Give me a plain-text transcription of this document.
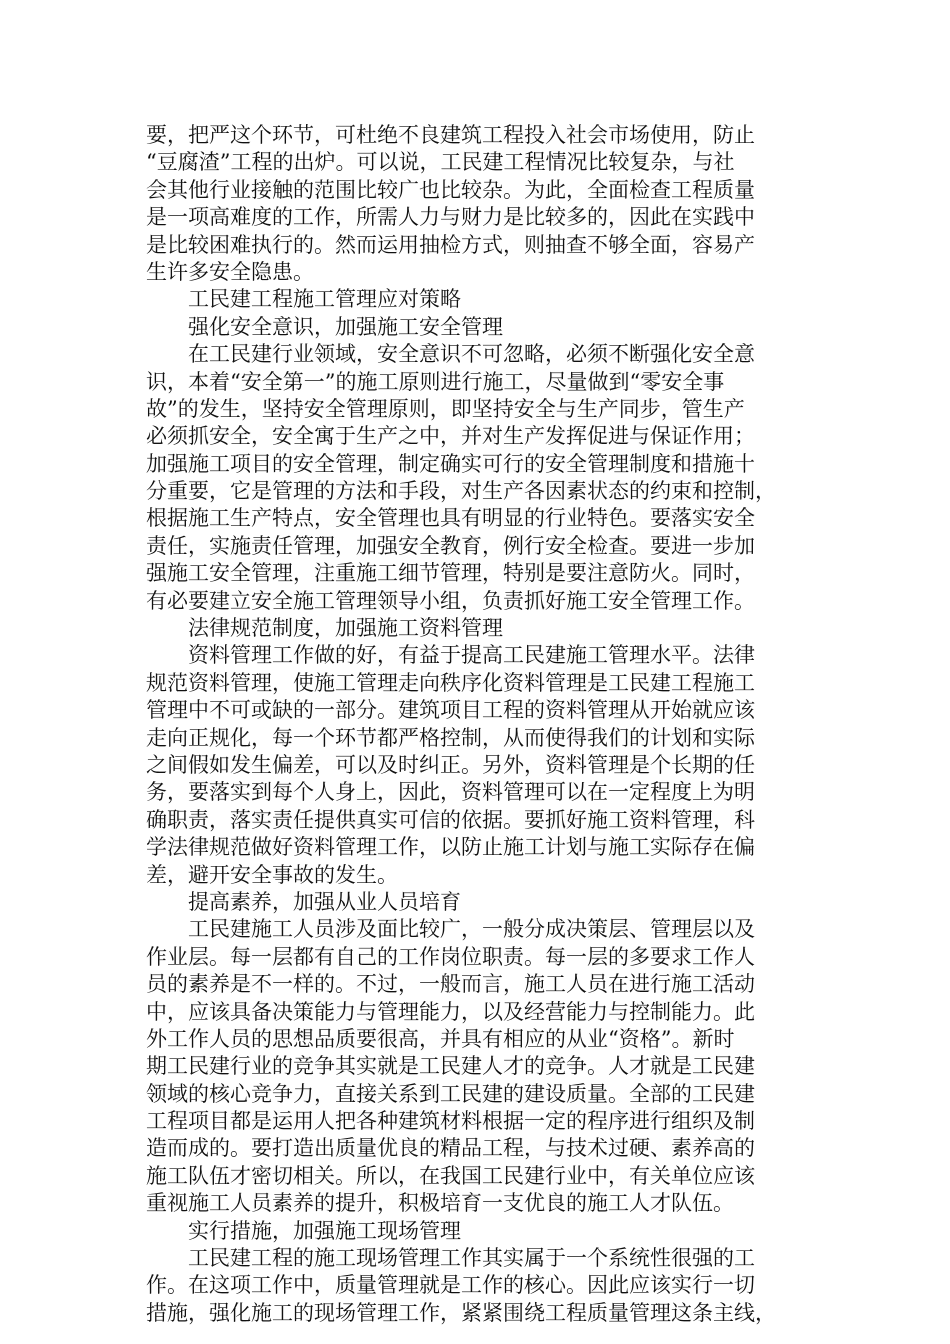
要，把严这个环节，可杜绝不良建筑工程投入社会市场使用，防止
“豆腐渣”工程的出炉。可以说，工民建工程情况比较复杂，与社
会其他行业接触的范围比较广也比较杂。为此，全面检查工程质量
是一项高难度的工作，所需人力与财力是比较多的，因此在实践中
是比较困难执行的。然而运用抽检方式，则抽查不够全面，容易产
生许多安全隐患。
工民建工程施工管理应对策略
强化安全意识，加强施工安全管理
在工民建行业领域，安全意识不可忽略，必须不断强化安全意
识，本着“安全第一”的施工原则进行施工，尽量做到“零安全事
故”的发生，坚持安全管理原则，即坚持安全与生产同步，管生产
必须抓安全，安全寓于生产之中，并对生产发挥促进与保证作用；
加强施工项目的安全管理，制定确实可行的安全管理制度和措施十
分重要，它是管理的方法和手段，对生产各因素状态的约束和控制，
根据施工生产特点，安全管理也具有明显的行业特色。要落实安全
责任，实施责任管理，加强安全教育，例行安全检查。要进一步加
强施工安全管理，注重施工细节管理，特别是要注意防火。同时，
有必要建立安全施工管理领导小组，负责抓好施工安全管理工作。
法律规范制度，加强施工资料管理
资料管理工作做的好，有益于提高工民建施工管理水平。法律
规范资料管理，使施工管理走向秩序化资料管理是工民建工程施工
管理中不可或缺的一部分。建筑项目工程的资料管理从开始就应该
走向正规化，每一个环节都严格控制，从而使得我们的计划和实际
之间假如发生偏差，可以及时纠正。另外，资料管理是个长期的任
务，要落实到每个人身上，因此，资料管理可以在一定程度上为明
确职责，落实责任提供真实可信的依据。要抓好施工资料管理，科
学法律规范做好资料管理工作，以防止施工计划与施工实际存在偏
差，避开安全事故的发生。
提高素养，加强从业人员培育
工民建施工人员涉及面比较广，一般分成决策层、管理层以及
作业层。每一层都有自己的工作岗位职责。每一层的多要求工作人
员的素养是不一样的。不过，一般而言，施工人员在进行施工活动
中，应该具备决策能力与管理能力，以及经营能力与控制能力。此
外工作人员的思想品质要很高，并具有相应的从业“资格”。新时
期工民建行业的竞争其实就是工民建人才的竞争。人才就是工民建
领域的核心竞争力，直接关系到工民建的建设质量。全部的工民建
工程项目都是运用人把各种建筑材料根据一定的程序进行组织及制
造而成的。要打造出质量优良的精品工程，与技术过硬、素养高的
施工队伍才密切相关。所以，在我国工民建行业中，有关单位应该
重视施工人员素养的提升，积极培育一支优良的施工人才队伍。
实行措施，加强施工现场管理
工民建工程的施工现场管理工作其实属于一个系统性很强的工
作。在这项工作中，质量管理就是工作的核心。因此应该实行一切
措施，强化施工的现场管理工作，紧紧围绕工程质量管理这条主线，
